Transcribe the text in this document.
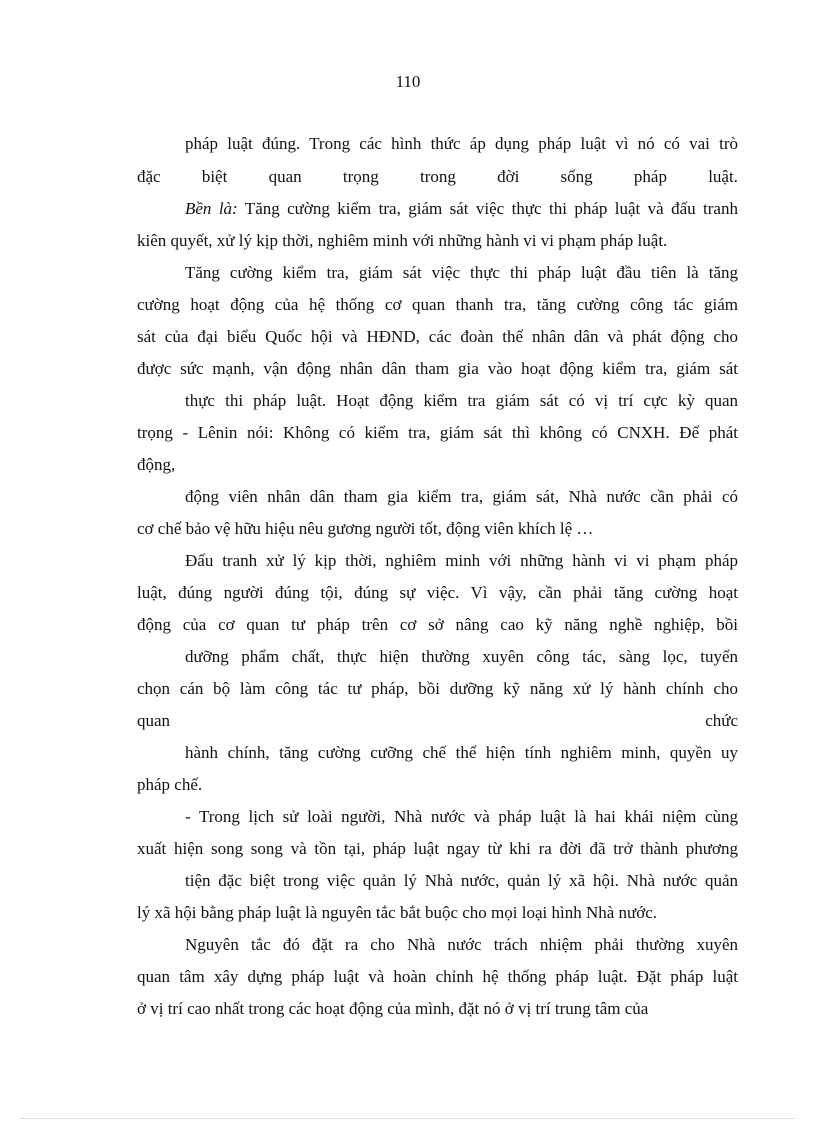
110
pháp luật đúng. Trong các hình thức áp dụng pháp luật vì nó có vai trò
đặc biệt quan trọng trong đời sống pháp luật.
Bền là: Tăng cường kiểm tra, giám sát việc thực thi pháp luật và đấu tranh
kiên quyết, xử lý kịp thời, nghiêm minh với những hành vi vi phạm pháp luật.
Tăng cường kiểm tra, giám sát việc thực thi pháp luật đầu tiên là tăng
cường hoạt động của hệ thống cơ quan thanh tra, tăng cường công tác giám
sát của đại biểu Quốc hội và HĐND, các đoàn thể nhân dân và phát động cho
được sức mạnh, vận động nhân dân tham gia vào hoạt động kiểm tra, giám sát
thực thi pháp luật. Hoạt động kiểm tra giám sát có vị trí cực kỳ quan
trọng - Lênin nói: Không có kiểm tra, giám sát thì không có CNXH. Để phát
động,
động viên nhân dân tham gia kiểm tra, giám sát, Nhà nước cần phải có
cơ chế bảo vệ hữu hiệu nêu gương người tốt, động viên khích lệ …
Đấu tranh xử lý kịp thời, nghiêm minh với những hành vi vi phạm pháp
luật, đúng người đúng tội, đúng sự việc. Vì vậy, cần phải tăng cường hoạt
động của cơ quan tư pháp trên cơ sở nâng cao kỹ năng nghề nghiệp, bồi
dưỡng phẩm chất, thực hiện thường xuyên công tác, sàng lọc, tuyển
chọn cán bộ làm công tác tư pháp, bồi dưỡng kỹ năng xử lý hành chính cho
quan	chức
hành chính, tăng cường cưỡng chế thể hiện tính nghiêm minh, quyền uy
pháp chế.
- Trong lịch sử loài người, Nhà nước và pháp luật là hai khái niệm cùng
xuất hiện song song và tồn tại, pháp luật ngay từ khi ra đời đã trở thành phương
tiện đặc biệt trong việc quản lý Nhà nước, quản lý xã hội. Nhà nước quản
lý xã hội bằng pháp luật là nguyên tắc bắt buộc cho mọi loại hình Nhà nước.
Nguyên tắc đó đặt ra cho Nhà nước trách nhiệm phải thường xuyên
quan tâm xây dựng pháp luật và hoàn chỉnh hệ thống pháp luật. Đặt pháp luật
ở vị trí cao nhất trong các hoạt động của mình, đặt nó ở vị trí trung tâm của
